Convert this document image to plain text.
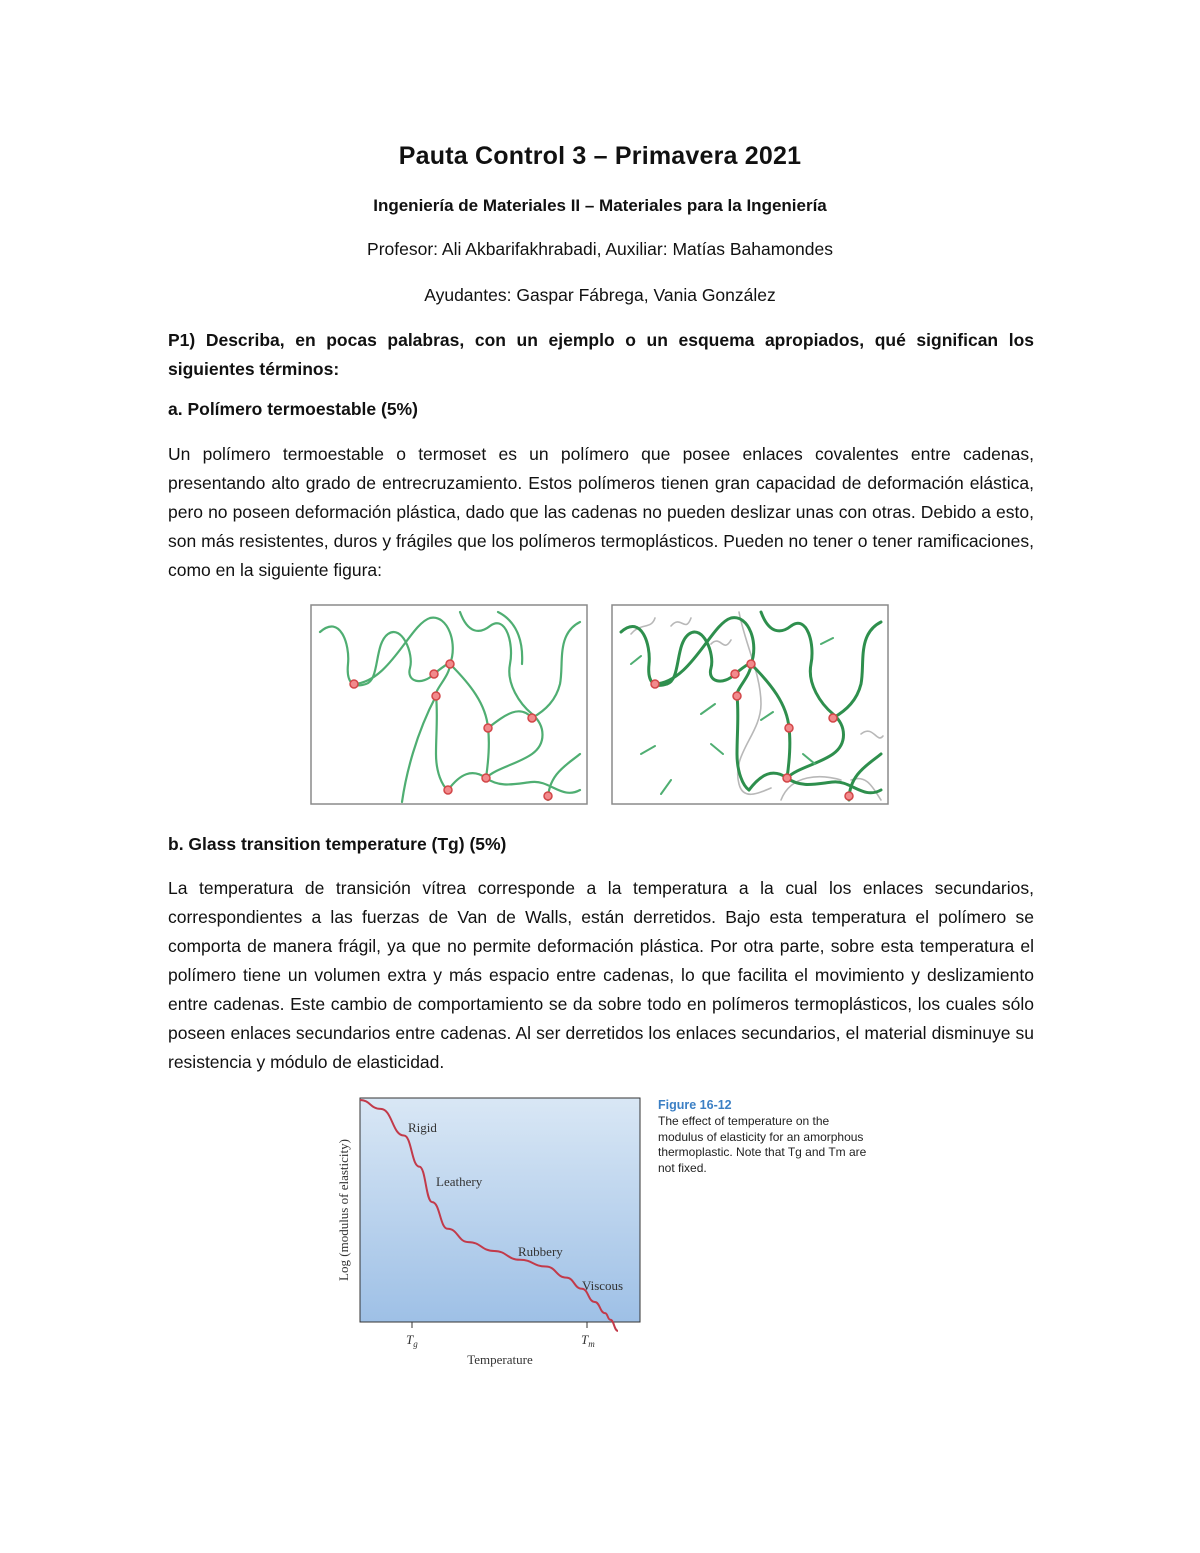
Pauta Control 3 – Primavera 2021
Ingeniería de Materiales II – Materiales para la Ingeniería
Profesor: Ali Akbarifakhrabadi, Auxiliar: Matías Bahamondes
Ayudantes: Gaspar Fábrega, Vania González
P1) Describa, en pocas palabras, con un ejemplo o un esquema apropiados, qué significan los siguientes términos:
a. Polímero termoestable (5%)
Un polímero termoestable o termoset es un polímero que posee enlaces covalentes entre cadenas, presentando alto grado de entrecruzamiento. Estos polímeros tienen gran capacidad de deformación elástica, pero no poseen deformación plástica, dado que las cadenas no pueden deslizar unas con otras. Debido a esto, son más resistentes, duros y frágiles que los polímeros termoplásticos. Pueden no tener o tener ramificaciones, como en la siguiente figura:
b. Glass transition temperature (Tg) (5%)
La temperatura de transición vítrea corresponde a la temperatura a la cual los enlaces secundarios, correspondientes a las fuerzas de Van de Walls, están derretidos. Bajo esta temperatura el polímero se comporta de manera frágil, ya que no permite deformación plástica. Por otra parte, sobre esta temperatura el polímero tiene un volumen extra y más espacio entre cadenas, lo que facilita el movimiento y deslizamiento entre cadenas. Este cambio de comportamiento se da sobre todo en polímeros termoplásticos, los cuales sólo poseen enlaces secundarios entre cadenas. Al ser derretidos los enlaces secundarios, el material disminuye su resistencia y módulo de elasticidad.
Rigid
Leathery
Rubbery
Viscous
$T_g$	$T_m$
Temperature
Log (modulus of elasticity)
Figure 16-12
The effect of temperature on the modulus of elasticity for an amorphous thermoplastic. Note that Tg and Tm are not fixed.
